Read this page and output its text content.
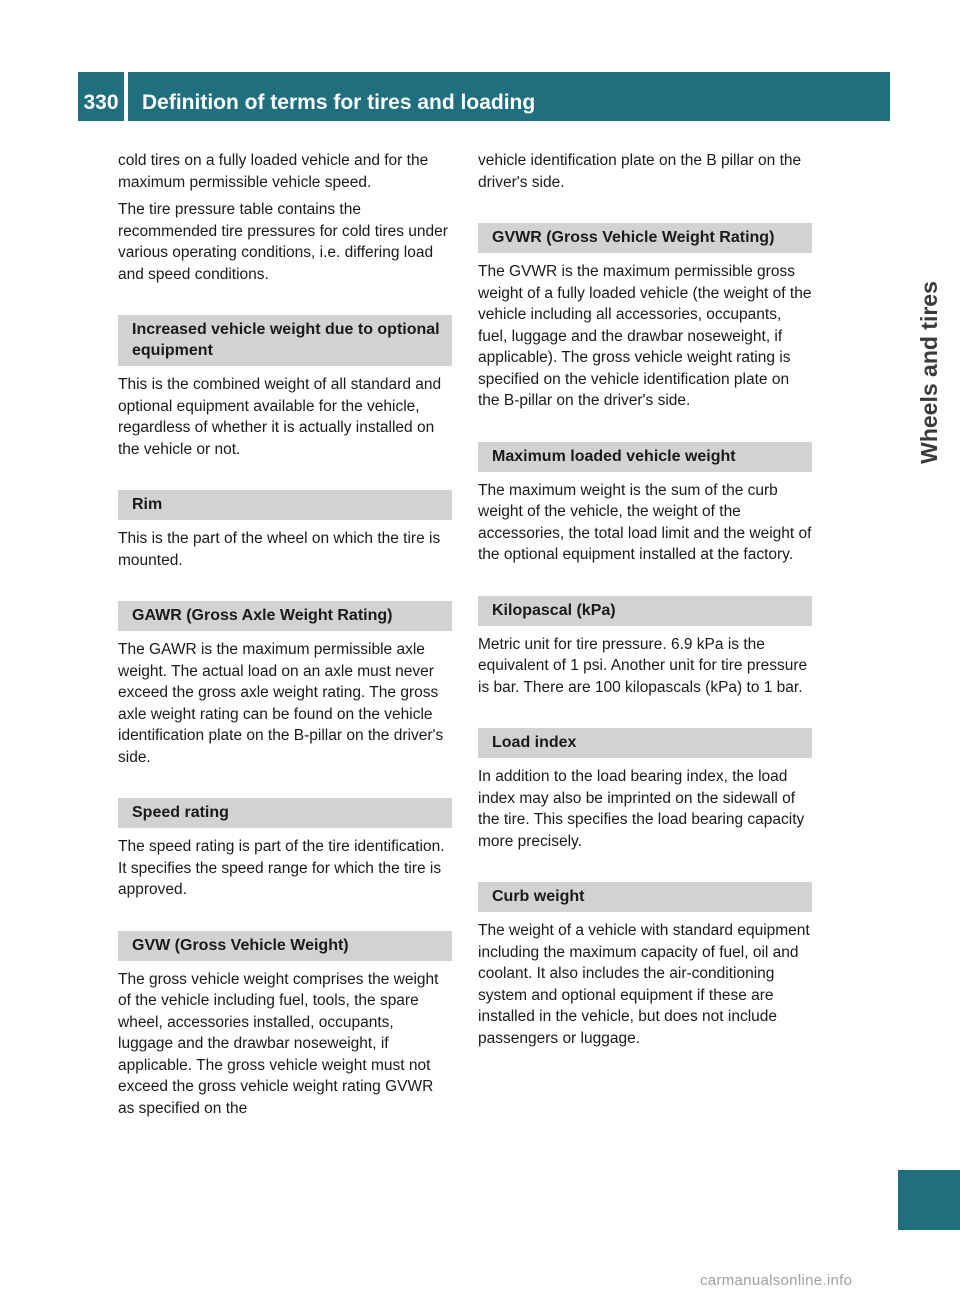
330	Definition of terms for tires and loading
Wheels and tires
cold tires on a fully loaded vehicle and for the maximum permissible vehicle speed.
The tire pressure table contains the recommended tire pressures for cold tires under various operating conditions, i.e. differing load and speed conditions.
Increased vehicle weight due to optional equipment
This is the combined weight of all standard and optional equipment available for the vehicle, regardless of whether it is actually installed on the vehicle or not.
Rim
This is the part of the wheel on which the tire is mounted.
GAWR (Gross Axle Weight Rating)
The GAWR is the maximum permissible axle weight. The actual load on an axle must never exceed the gross axle weight rating. The gross axle weight rating can be found on the vehicle identification plate on the B-pillar on the driver's side.
Speed rating
The speed rating is part of the tire identification. It specifies the speed range for which the tire is approved.
GVW (Gross Vehicle Weight)
The gross vehicle weight comprises the weight of the vehicle including fuel, tools, the spare wheel, accessories installed, occupants, luggage and the drawbar noseweight, if applicable. The gross vehicle weight must not exceed the gross vehicle weight rating GVWR as specified on the
vehicle identification plate on the B pillar on the driver's side.
GVWR (Gross Vehicle Weight Rating)
The GVWR is the maximum permissible gross weight of a fully loaded vehicle (the weight of the vehicle including all accessories, occupants, fuel, luggage and the drawbar noseweight, if applicable). The gross vehicle weight rating is specified on the vehicle identification plate on the B-pillar on the driver's side.
Maximum loaded vehicle weight
The maximum weight is the sum of the curb weight of the vehicle, the weight of the accessories, the total load limit and the weight of the optional equipment installed at the factory.
Kilopascal (kPa)
Metric unit for tire pressure. 6.9 kPa is the equivalent of 1 psi. Another unit for tire pressure is bar. There are 100 kilopascals (kPa) to 1 bar.
Load index
In addition to the load bearing index, the load index may also be imprinted on the sidewall of the tire. This specifies the load bearing capacity more precisely.
Curb weight
The weight of a vehicle with standard equipment including the maximum capacity of fuel, oil and coolant. It also includes the air-conditioning system and optional equipment if these are installed in the vehicle, but does not include passengers or luggage.
carmanualsonline.info
